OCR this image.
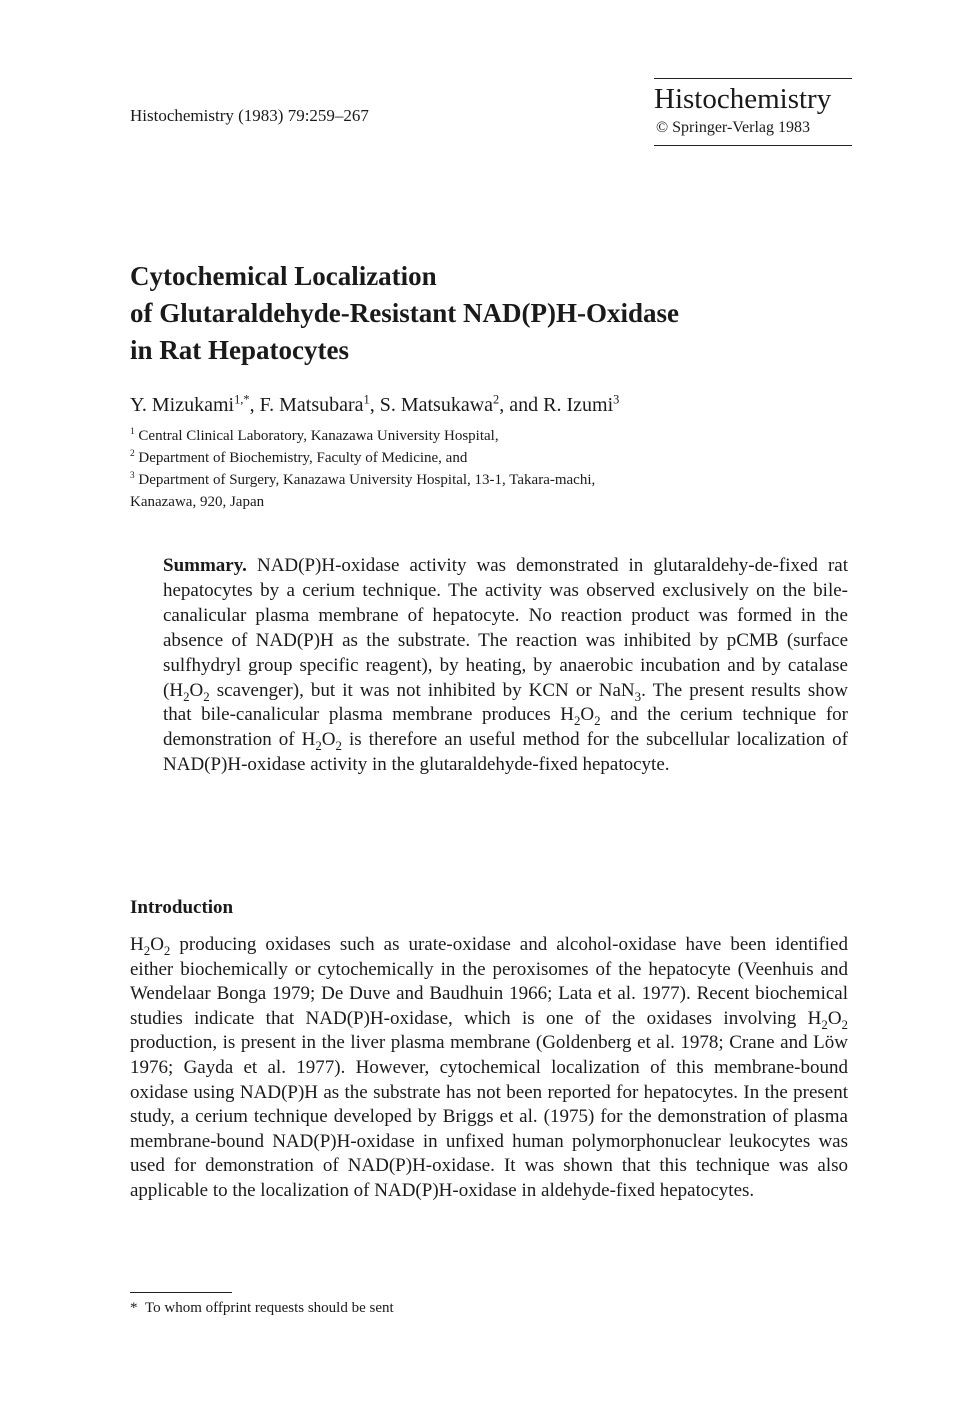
Histochemistry (1983) 79:259–267
Histochemistry
© Springer-Verlag 1983
Cytochemical Localization
of Glutaraldehyde-Resistant NAD(P)H-Oxidase
in Rat Hepatocytes
Y. Mizukami$^{1,*}$, F. Matsubara$^1$, S. Matsukawa$^2$, and R. Izumi$^3$
$^1$ Central Clinical Laboratory, Kanazawa University Hospital,
$^2$ Department of Biochemistry, Faculty of Medicine, and
$^3$ Department of Surgery, Kanazawa University Hospital, 13-1, Takara-machi,
Kanazawa, 920, Japan
Summary. NAD(P)H-oxidase activity was demonstrated in glutaraldehy-de-fixed rat hepatocytes by a cerium technique. The activity was observed exclusively on the bile-canalicular plasma membrane of hepatocyte. No reaction product was formed in the absence of NAD(P)H as the substrate. The reaction was inhibited by pCMB (surface sulfhydryl group specific reagent), by heating, by anaerobic incubation and by catalase ($H_2O_2$ scavenger), but it was not inhibited by KCN or NaN$_3$. The present results show that bile-canalicular plasma membrane produces $H_2O_2$ and the cerium technique for demonstration of $H_2O_2$ is therefore an useful method for the subcellular localization of NAD(P)H-oxidase activity in the glutaraldehyde-fixed hepatocyte.
Introduction
$H_2O_2$ producing oxidases such as urate-oxidase and alcohol-oxidase have been identified either biochemically or cytochemically in the peroxisomes of the hepatocyte (Veenhuis and Wendelaar Bonga 1979; De Duve and Baudhuin 1966; Lata et al. 1977). Recent biochemical studies indicate that NAD(P)H-oxidase, which is one of the oxidases involving $H_2O_2$ production, is present in the liver plasma membrane (Goldenberg et al. 1978; Crane and Löw 1976; Gayda et al. 1977). However, cytochemical localization of this membrane-bound oxidase using NAD(P)H as the substrate has not been reported for hepatocytes. In the present study, a cerium technique developed by Briggs et al. (1975) for the demonstration of plasma membrane-bound NAD(P)H-oxidase in unfixed human polymorphonuclear leukocytes was used for demonstration of NAD(P)H-oxidase. It was shown that this technique was also applicable to the localization of NAD(P)H-oxidase in aldehyde-fixed hepatocytes.
* To whom offprint requests should be sent
